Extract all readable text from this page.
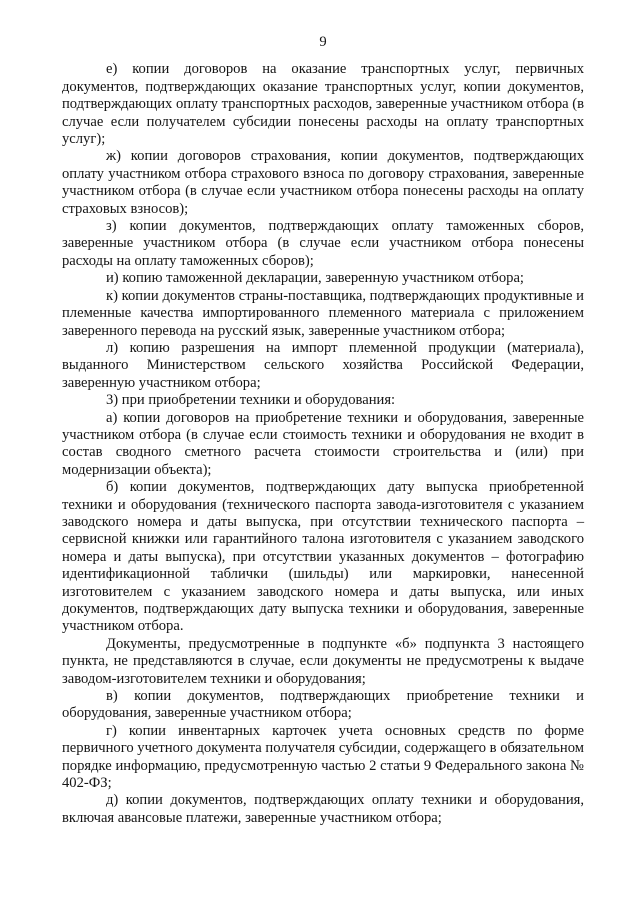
9

е) копии договоров на оказание транспортных услуг, первичных документов, подтверждающих оказание транспортных услуг, копии документов, подтверждающих оплату транспортных расходов, заверенные участником отбора (в случае если получателем субсидии понесены расходы на оплату транспортных услуг);

ж) копии договоров страхования, копии документов, подтверждающих оплату участником отбора страхового взноса по договору страхования, заверенные участником отбора (в случае если участником отбора понесены расходы на оплату страховых взносов);

з) копии документов, подтверждающих оплату таможенных сборов, заверенные участником отбора (в случае если участником отбора понесены расходы на оплату таможенных сборов);

и) копию таможенной декларации, заверенную участником отбора;

к) копии документов страны-поставщика, подтверждающих продуктивные и племенные качества импортированного племенного материала с приложением заверенного перевода на русский язык, заверенные участником отбора;

л) копию разрешения на импорт племенной продукции (материала), выданного Министерством сельского хозяйства Российской Федерации, заверенную участником отбора;

3) при приобретении техники и оборудования:

а) копии договоров на приобретение техники и оборудования, заверенные участником отбора (в случае если стоимость техники и оборудования не входит в состав сводного сметного расчета стоимости строительства и (или) при модернизации объекта);

б) копии документов, подтверждающих дату выпуска приобретенной техники и оборудования (технического паспорта завода-изготовителя с указанием заводского номера и даты выпуска, при отсутствии технического паспорта – сервисной книжки или гарантийного талона изготовителя с указанием заводского номера и даты выпуска), при отсутствии указанных документов – фотографию идентификационной таблички (шильды) или маркировки, нанесенной изготовителем с указанием заводского номера и даты выпуска, или иных документов, подтверждающих дату выпуска техники и оборудования, заверенные участником отбора.

Документы, предусмотренные в подпункте «б» подпункта 3 настоящего пункта, не представляются в случае, если документы не предусмотрены к выдаче заводом-изготовителем техники и оборудования;

в) копии документов, подтверждающих приобретение техники и оборудования, заверенные участником отбора;

г) копии инвентарных карточек учета основных средств по форме первичного учетного документа получателя субсидии, содержащего в обязательном порядке информацию, предусмотренную частью 2 статьи 9 Федерального закона № 402-ФЗ;

д) копии документов, подтверждающих оплату техники и оборудования, включая авансовые платежи, заверенные участником отбора;
